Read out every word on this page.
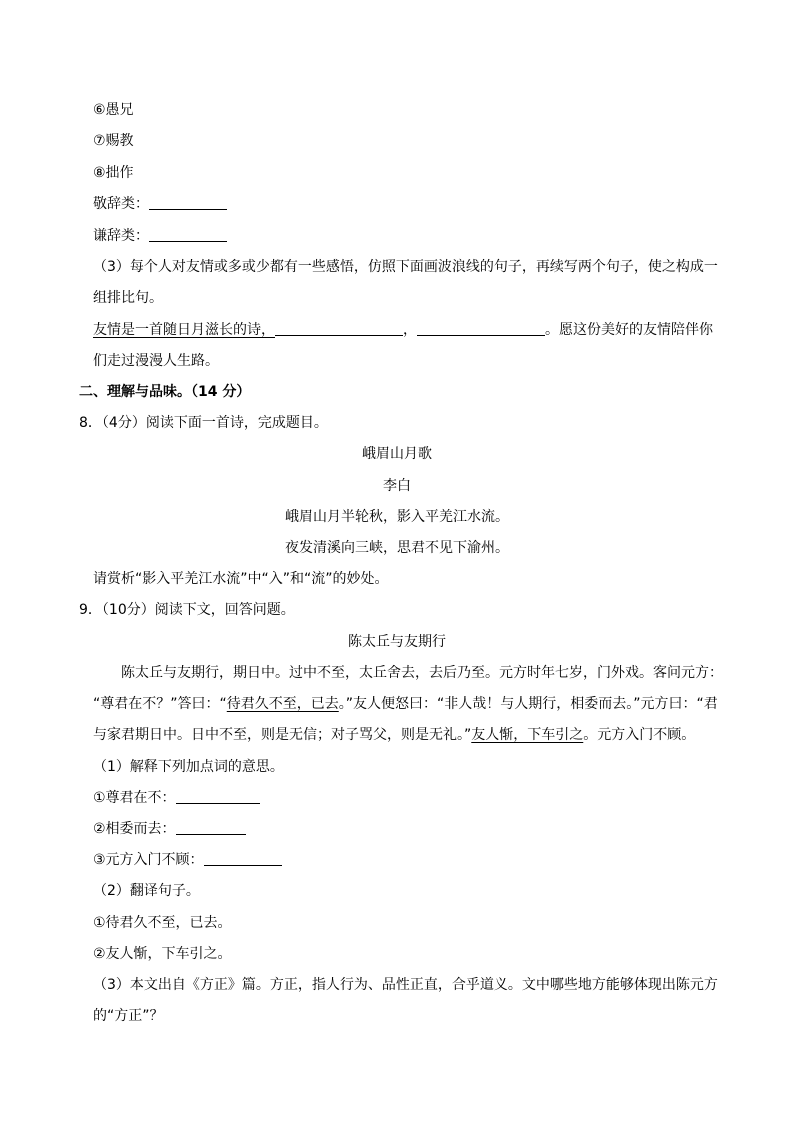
⑥愚兄
⑦赐教
⑧拙作
敬辞类：
谦辞类：
（3）每个人对友情或多或少都有一些感悟，仿照下面画波浪线的句子，再续写两个句子，使之构成一
组排比句。
友情是一首随日月滋长的诗，	，	。愿这份美好的友情陪伴你
们走过漫漫人生路。
二、理解与品味。（14 分）
8．（4分）阅读下面一首诗，完成题目。
峨眉山月歌
李白
峨眉山月半轮秋，影入平羌江水流。
夜发清溪向三峡，思君不见下渝州。
请赏析“影入平羌江水流”中“入”和“流”的妙处。
9．（10分）阅读下文，回答问题。
陈太丘与友期行
陈太丘与友期行，期日中。过中不至，太丘舍去，去后乃至。元方时年七岁，门外戏。客问元方：
“尊君在不？”答曰：“待君久不至，已去。”友人便怒曰：“非人哉！与人期行，相委而去。”元方曰：“君
与家君期日中。日中不至，则是无信；对子骂父，则是无礼。”友人惭，下车引之。元方入门不顾。
（1）解释下列加点词的意思。
①尊君在不：
②相委而去：
③元方入门不顾：
（2）翻译句子。
①待君久不至，已去。
②友人惭，下车引之。
（3）本文出自《方正》篇。方正，指人行为、品性正直，合乎道义。文中哪些地方能够体现出陈元方
的“方正”？
